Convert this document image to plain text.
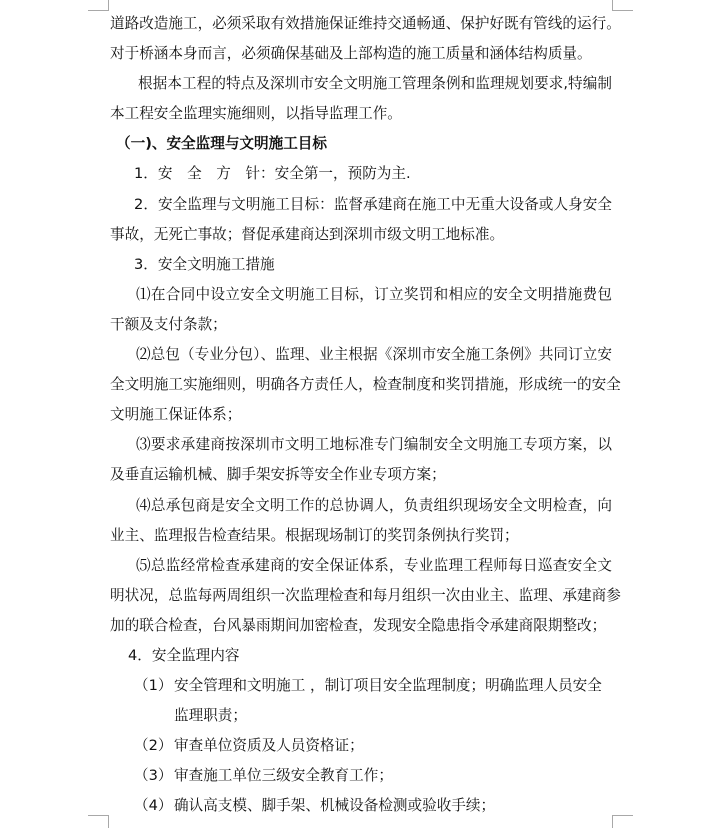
道路改造施工，必须采取有效措施保证维持交通畅通、保护好既有管线的运行。
对于桥涵本身而言，必须确保基础及上部构造的施工质量和涵体结构质量。
根据本工程的特点及深圳市安全文明施工管理条例和监理规划要求,特编制
本工程安全监理实施细则，以指导监理工作。
（一)、安全监理与文明施工目标
1．安　全　方　针：安全第一，预防为主.
2．安全监理与文明施工目标：监督承建商在施工中无重大设备或人身安全
事故，无死亡事故；督促承建商达到深圳市级文明工地标准。
3．安全文明施工措施
⑴在合同中设立安全文明施工目标，订立奖罚和相应的安全文明措施费包
干额及支付条款；
⑵总包（专业分包）、监理、业主根据《深圳市安全施工条例》共同订立安
全文明施工实施细则，明确各方责任人，检查制度和奖罚措施，形成统一的安全
文明施工保证体系；
⑶要求承建商按深圳市文明工地标准专门编制安全文明施工专项方案，以
及垂直运输机械、脚手架安拆等安全作业专项方案；
⑷总承包商是安全文明工作的总协调人，负责组织现场安全文明检查，向
业主、监理报告检查结果。根据现场制订的奖罚条例执行奖罚；
⑸总监经常检查承建商的安全保证体系，专业监理工程师每日巡查安全文
明状况，总监每两周组织一次监理检查和每月组织一次由业主、监理、承建商参
加的联合检查，台风暴雨期间加密检查，发现安全隐患指令承建商限期整改；
4．安全监理内容
（1） 安全管理和文明施工 ，制订项目安全监理制度；明确监理人员安全
监理职责；
（2） 审查单位资质及人员资格证；
（3） 审查施工单位三级安全教育工作；
（4） 确认高支模、脚手架、机械设备检测或验收手续；
